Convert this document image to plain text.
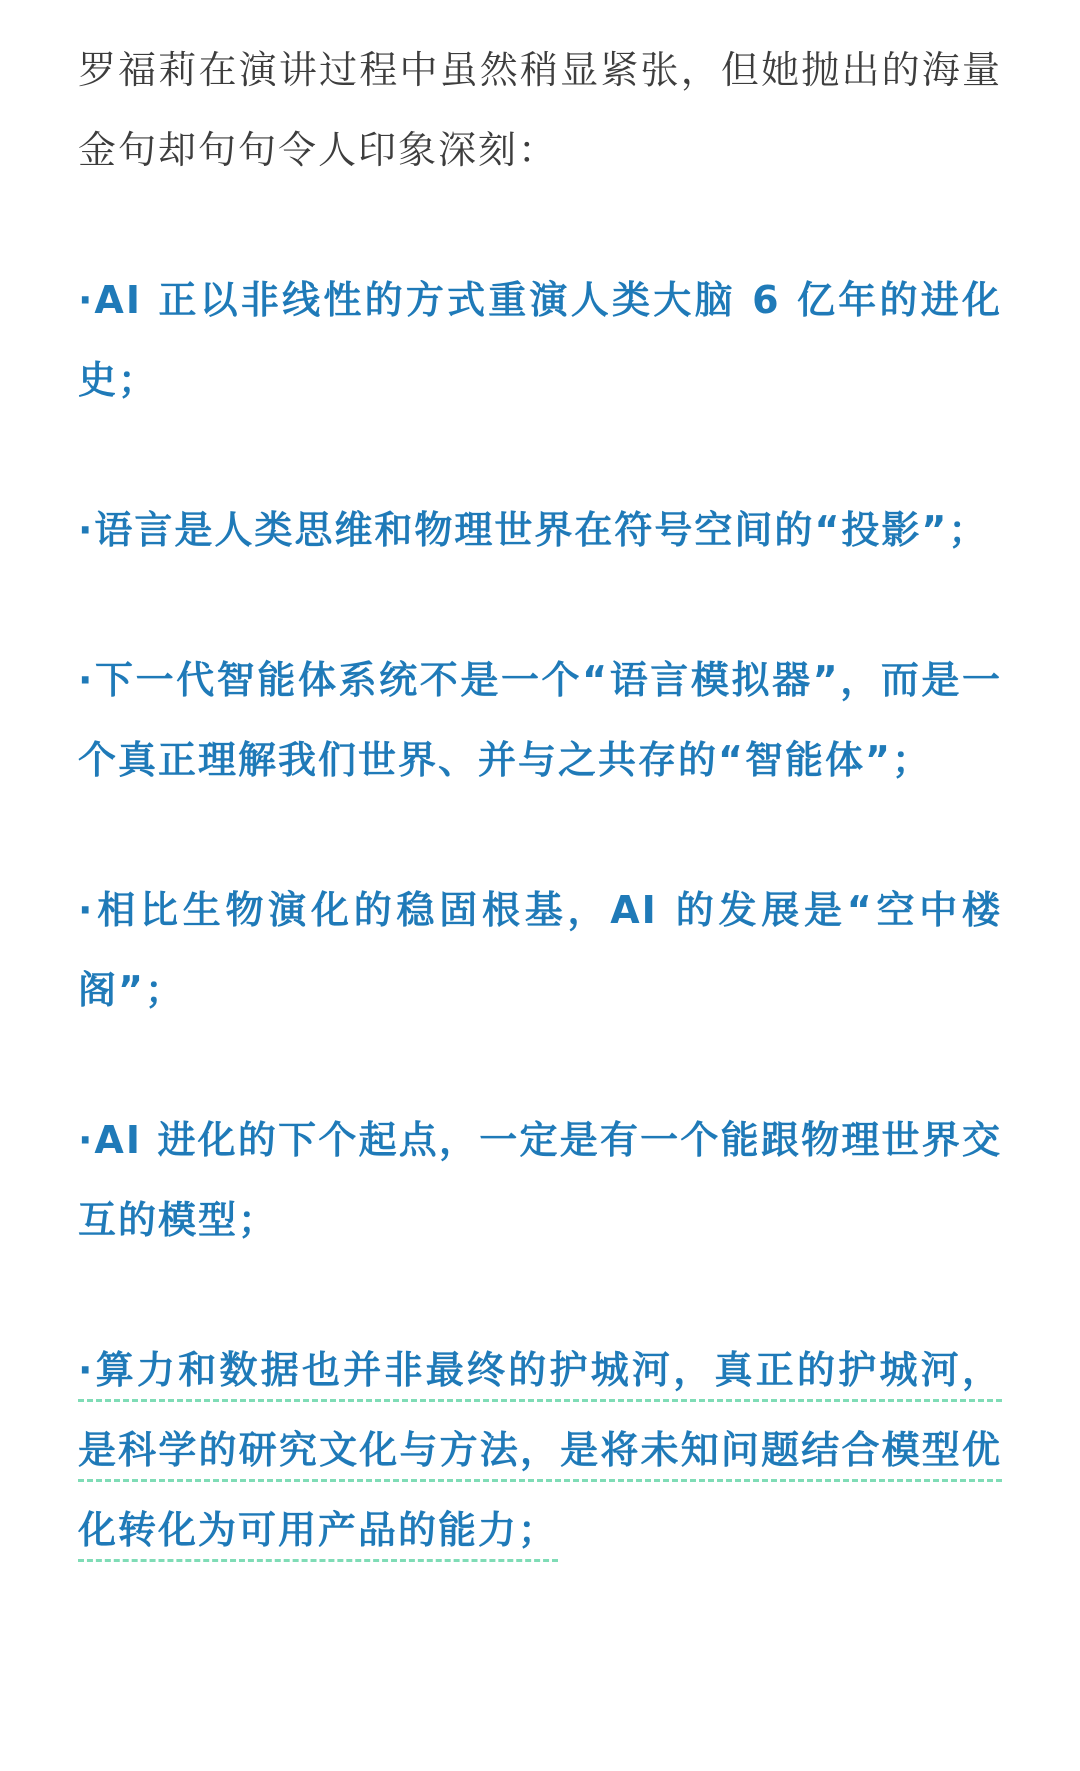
罗福莉在演讲过程中虽然稍显紧张，但她抛出的海量金句却句句令人印象深刻：

·AI 正以非线性的方式重演人类大脑 6 亿年的进化史；
·语言是人类思维和物理世界在符号空间的“投影”；
·下一代智能体系统不是一个“语言模拟器”，而是一个真正理解我们世界、并与之共存的“智能体”；
·相比生物演化的稳固根基，AI 的发展是“空中楼阁”；
·AI 进化的下个起点，一定是有一个能跟物理世界交互的模型；
·算力和数据也并非最终的护城河，真正的护城河，是科学的研究文化与方法，是将未知问题结合模型优化转化为可用产品的能力；
